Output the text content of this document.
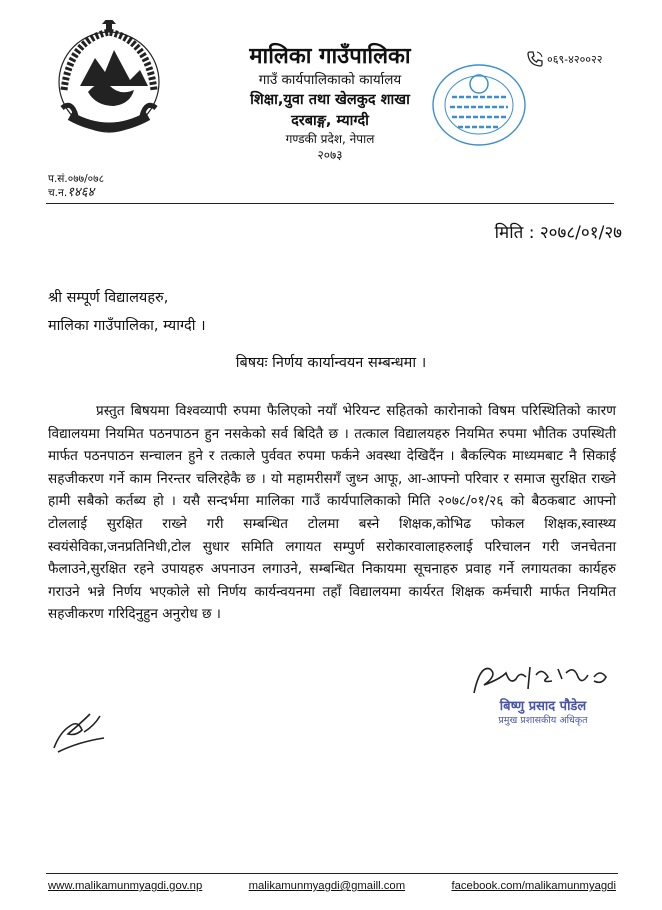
मालिका गाउँपालिका
गाउँ कार्यपालिकाको कार्यालय
शिक्षा,युवा तथा खेलकुद शाखा
दरबाङ्ग, म्याग्दी
गण्डकी प्रदेश, नेपाल
२०७३
०६९-४२००२२
प.सं.०७७/०७८
च.न.१४६४
मिति : २०७८/०१/२७
श्री सम्पूर्ण विद्यालयहरु,
मालिका गाउँपालिका, म्याग्दी ।
बिषयः निर्णय कार्यान्वयन सम्बन्धमा ।
प्रस्तुत बिषयमा विश्वव्यापी रुपमा फैलिएको नयाँ भेरियन्ट सहितको कारोनाको विषम परिस्थितिको कारण विद्यालयमा नियमित पठनपाठन हुन नसकेको सर्व बिदितै छ । तत्काल विद्यालयहरु नियमित रुपमा भौतिक उपस्थिती मार्फत पठनपाठन सन्चालन हुने र तत्काले पुर्ववत रुपमा फर्कने अवस्था देखिदैंन । बैकल्पिक माध्यमबाट नै सिकाई सहजीकरण गर्ने काम निरन्तर चलिरहेकै छ । यो महामरीसगँ जुध्न आफू, आ-आफ्नो परिवार र समाज सुरक्षित राख्ने हामी सबैको कर्तब्य हो । यसै सन्दर्भमा मालिका गाउँ कार्यपालिकाको मिति २०७८/०१/२६ को बैठकबाट आफ्नो टोललाई सुरक्षित राख्ने गरी सम्बन्धित टोलमा बस्ने शिक्षक,कोभिढ फोकल शिक्षक,स्वास्थ्य स्वयंसेविका,जनप्रतिनिधी,टोल सुधार समिति लगायत सम्पुर्ण सरोकारवालाहरुलाई परिचालन गरी जनचेतना फैलाउने,सुरक्षित रहने उपायहरु अपनाउन लगाउने, सम्बन्धित निकायमा सूचनाहरु प्रवाह गर्ने लगायतका कार्यहरु गराउने भन्ने निर्णय भएकोले सो निर्णय कार्यन्वयनमा तहाँ विद्यालयमा कार्यरत शिक्षक कर्मचारी मार्फत नियमित सहजीकरण गरिदिनुहुन अनुरोध छ ।
बिष्णु प्रसाद पौडेल
प्रमुख प्रशासकीय अधिकृत
www.malikamunmyagdi.gov.np	malikamunmyagdi@gmaill.com	facebook.com/malikamunmyagdi
